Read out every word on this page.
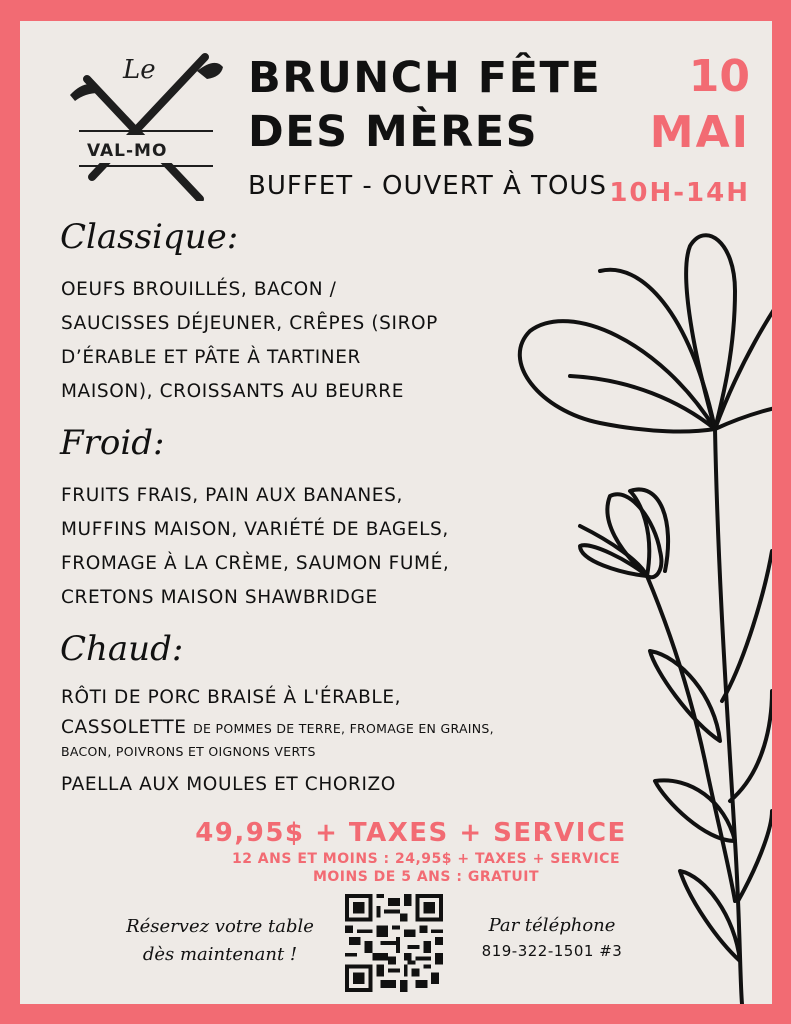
Le
VAL-MO
BRUNCH FÊTE
DES MÈRES
BUFFET - OUVERT À TOUS
10
MAI
10H-14H
Classique:
OEUFS BROUILLÉS, BACON /
SAUCISSES DÉJEUNER, CRÊPES (SIROP
D’ÉRABLE ET PÂTE À TARTINER
MAISON), CROISSANTS AU BEURRE
Froid:
FRUITS FRAIS, PAIN AUX BANANES,
MUFFINS MAISON, VARIÉTÉ DE BAGELS,
FROMAGE À LA CRÈME, SAUMON FUMÉ,
CRETONS MAISON SHAWBRIDGE
Chaud:
RÔTI DE PORC BRAISÉ À L'ÉRABLE,
CASSOLETTE DE POMMES DE TERRE, FROMAGE EN GRAINS,
BACON, POIVRONS ET OIGNONS VERTS
PAELLA AUX MOULES ET CHORIZO
49,95$ + TAXES + SERVICE
12 ANS ET MOINS : 24,95$ + TAXES + SERVICE
MOINS DE 5 ANS : GRATUIT
Réservez votre table
dès maintenant !
Par téléphone
819-322-1501 #3
